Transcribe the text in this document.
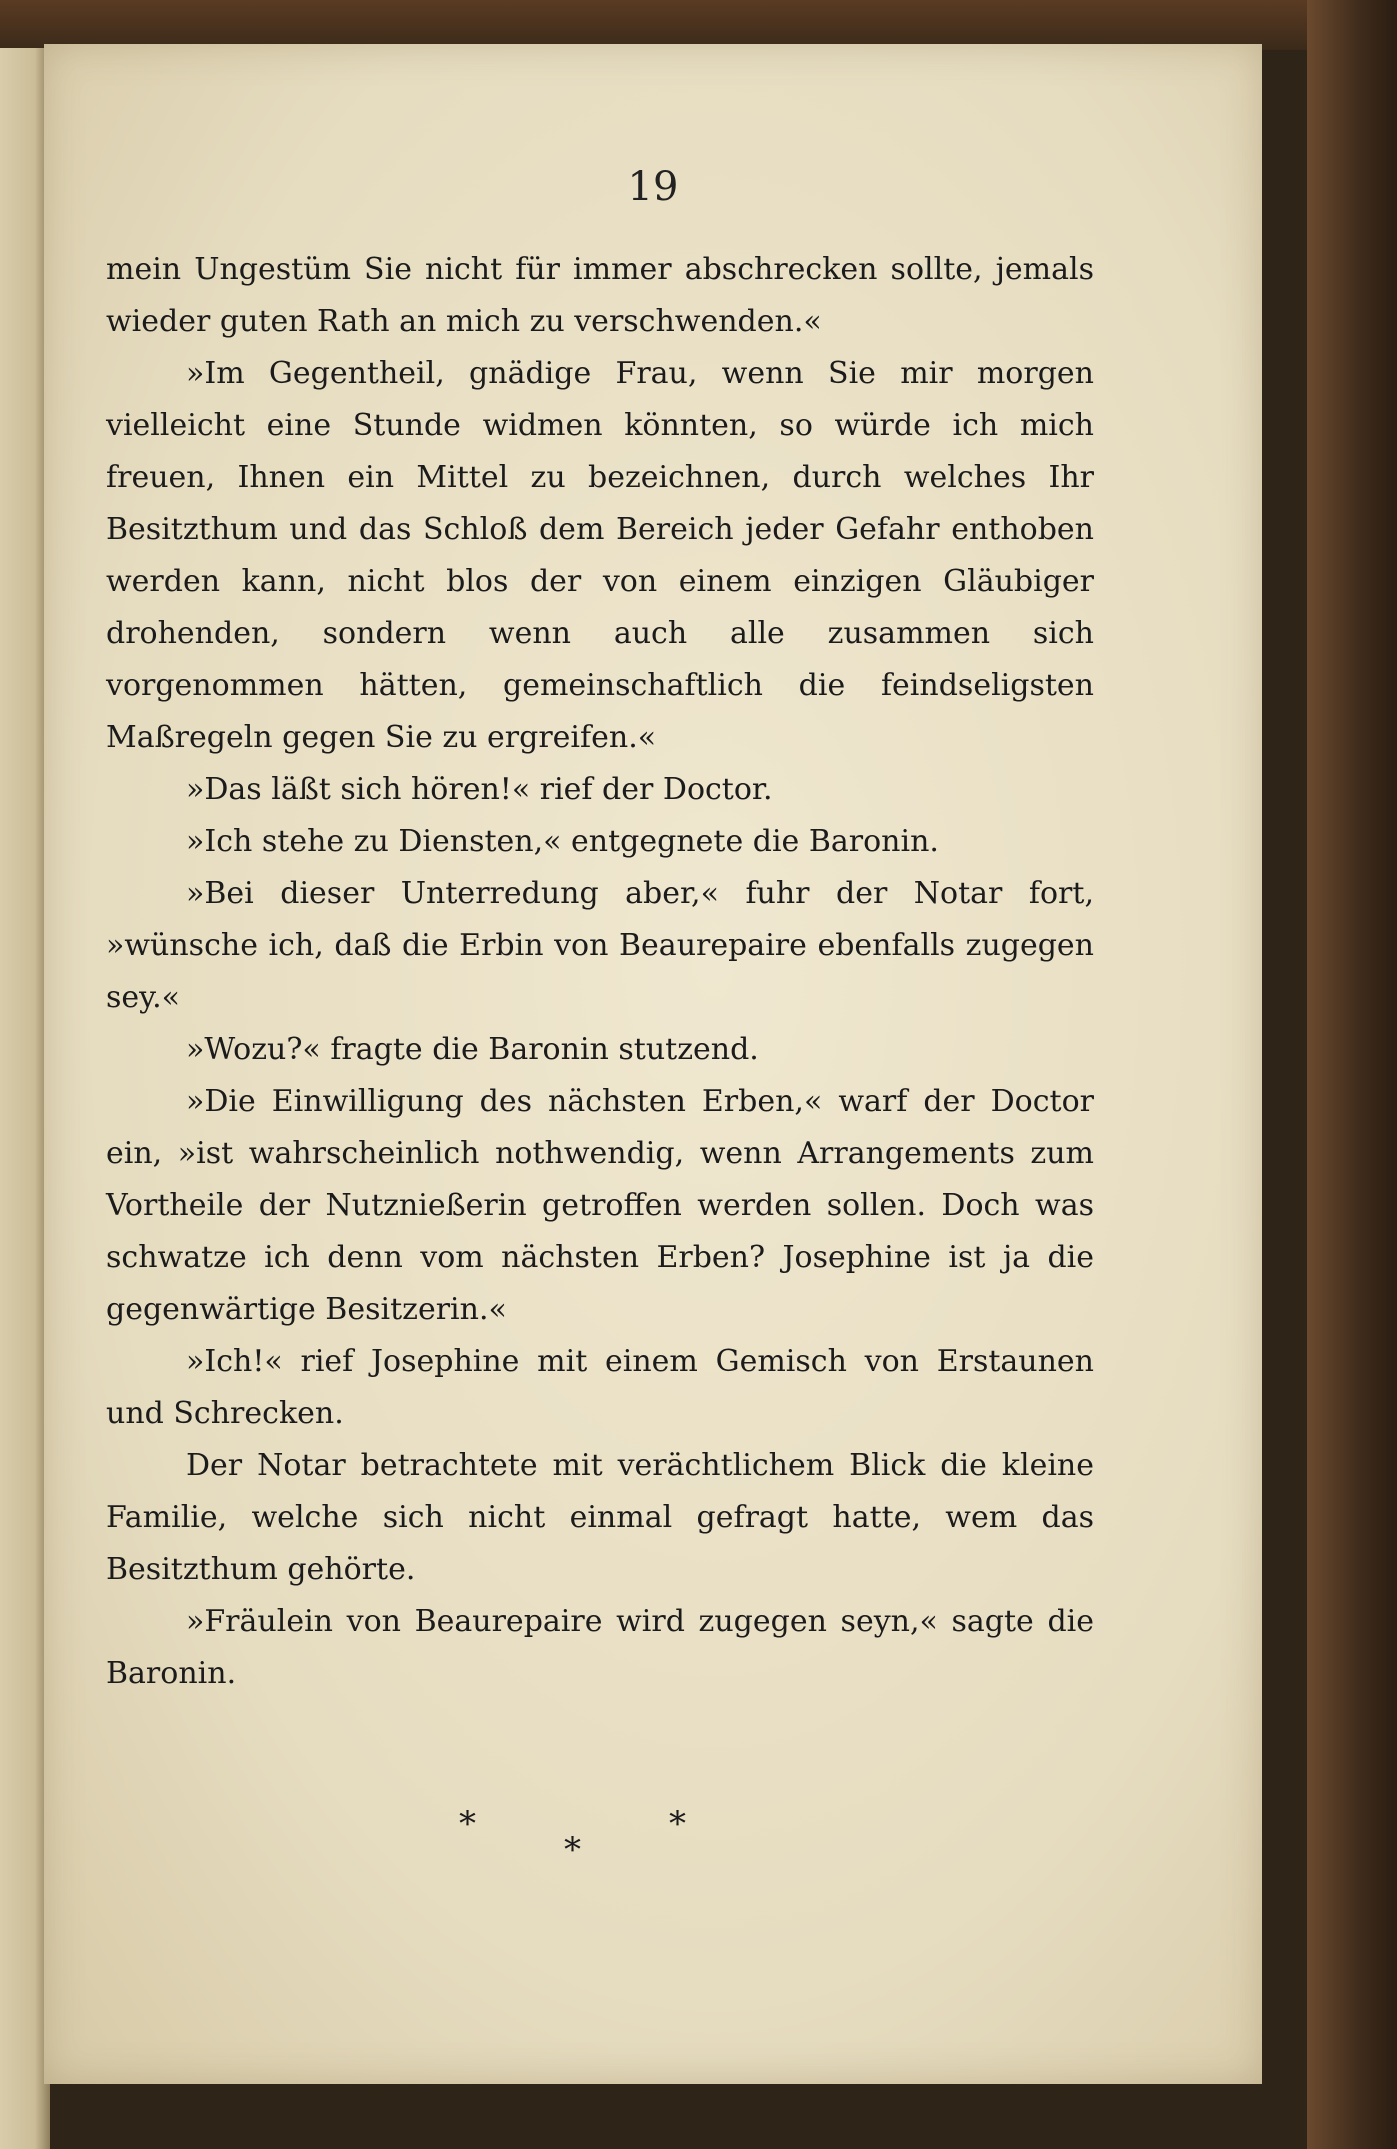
19

mein Ungestüm Sie nicht für immer abschrecken sollte, jemals wieder guten Rath an mich zu verschwenden.«

»Im Gegentheil, gnädige Frau, wenn Sie mir morgen vielleicht eine Stunde widmen könnten, so würde ich mich freuen, Ihnen ein Mittel zu bezeichnen, durch welches Ihr Besitzthum und das Schloß dem Bereich jeder Gefahr enthoben werden kann, nicht blos der von einem einzigen Gläubiger drohenden, sondern wenn auch alle zusammen sich vorgenommen hätten, gemeinschaftlich die feindseligsten Maßregeln gegen Sie zu ergreifen.«

»Das läßt sich hören!« rief der Doctor.

»Ich stehe zu Diensten,« entgegnete die Baronin.

»Bei dieser Unterredung aber,« fuhr der Notar fort, »wünsche ich, daß die Erbin von Beaurepaire ebenfalls zugegen sey.«

»Wozu?« fragte die Baronin stutzend.

»Die Einwilligung des nächsten Erben,« warf der Doctor ein, »ist wahrscheinlich nothwendig, wenn Arrangements zum Vortheile der Nutznießerin getroffen werden sollen. Doch was schwatze ich denn vom nächsten Erben? Josephine ist ja die gegenwärtige Besitzerin.«

»Ich!« rief Josephine mit einem Gemisch von Erstaunen und Schrecken.

Der Notar betrachtete mit verächtlichem Blick die kleine Familie, welche sich nicht einmal gefragt hatte, wem das Besitzthum gehörte.

»Fräulein von Beaurepaire wird zugegen seyn,« sagte die Baronin.

*
*
*
